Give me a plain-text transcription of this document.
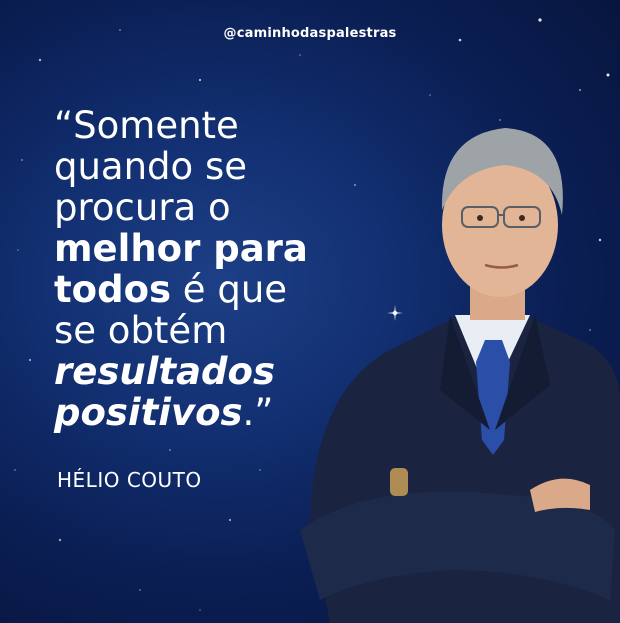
@caminhodaspalestras
“Somente
quando se
procura o
melhor para
todos é que
se obtém
resultados
positivos.”
HÉLIO COUTO
